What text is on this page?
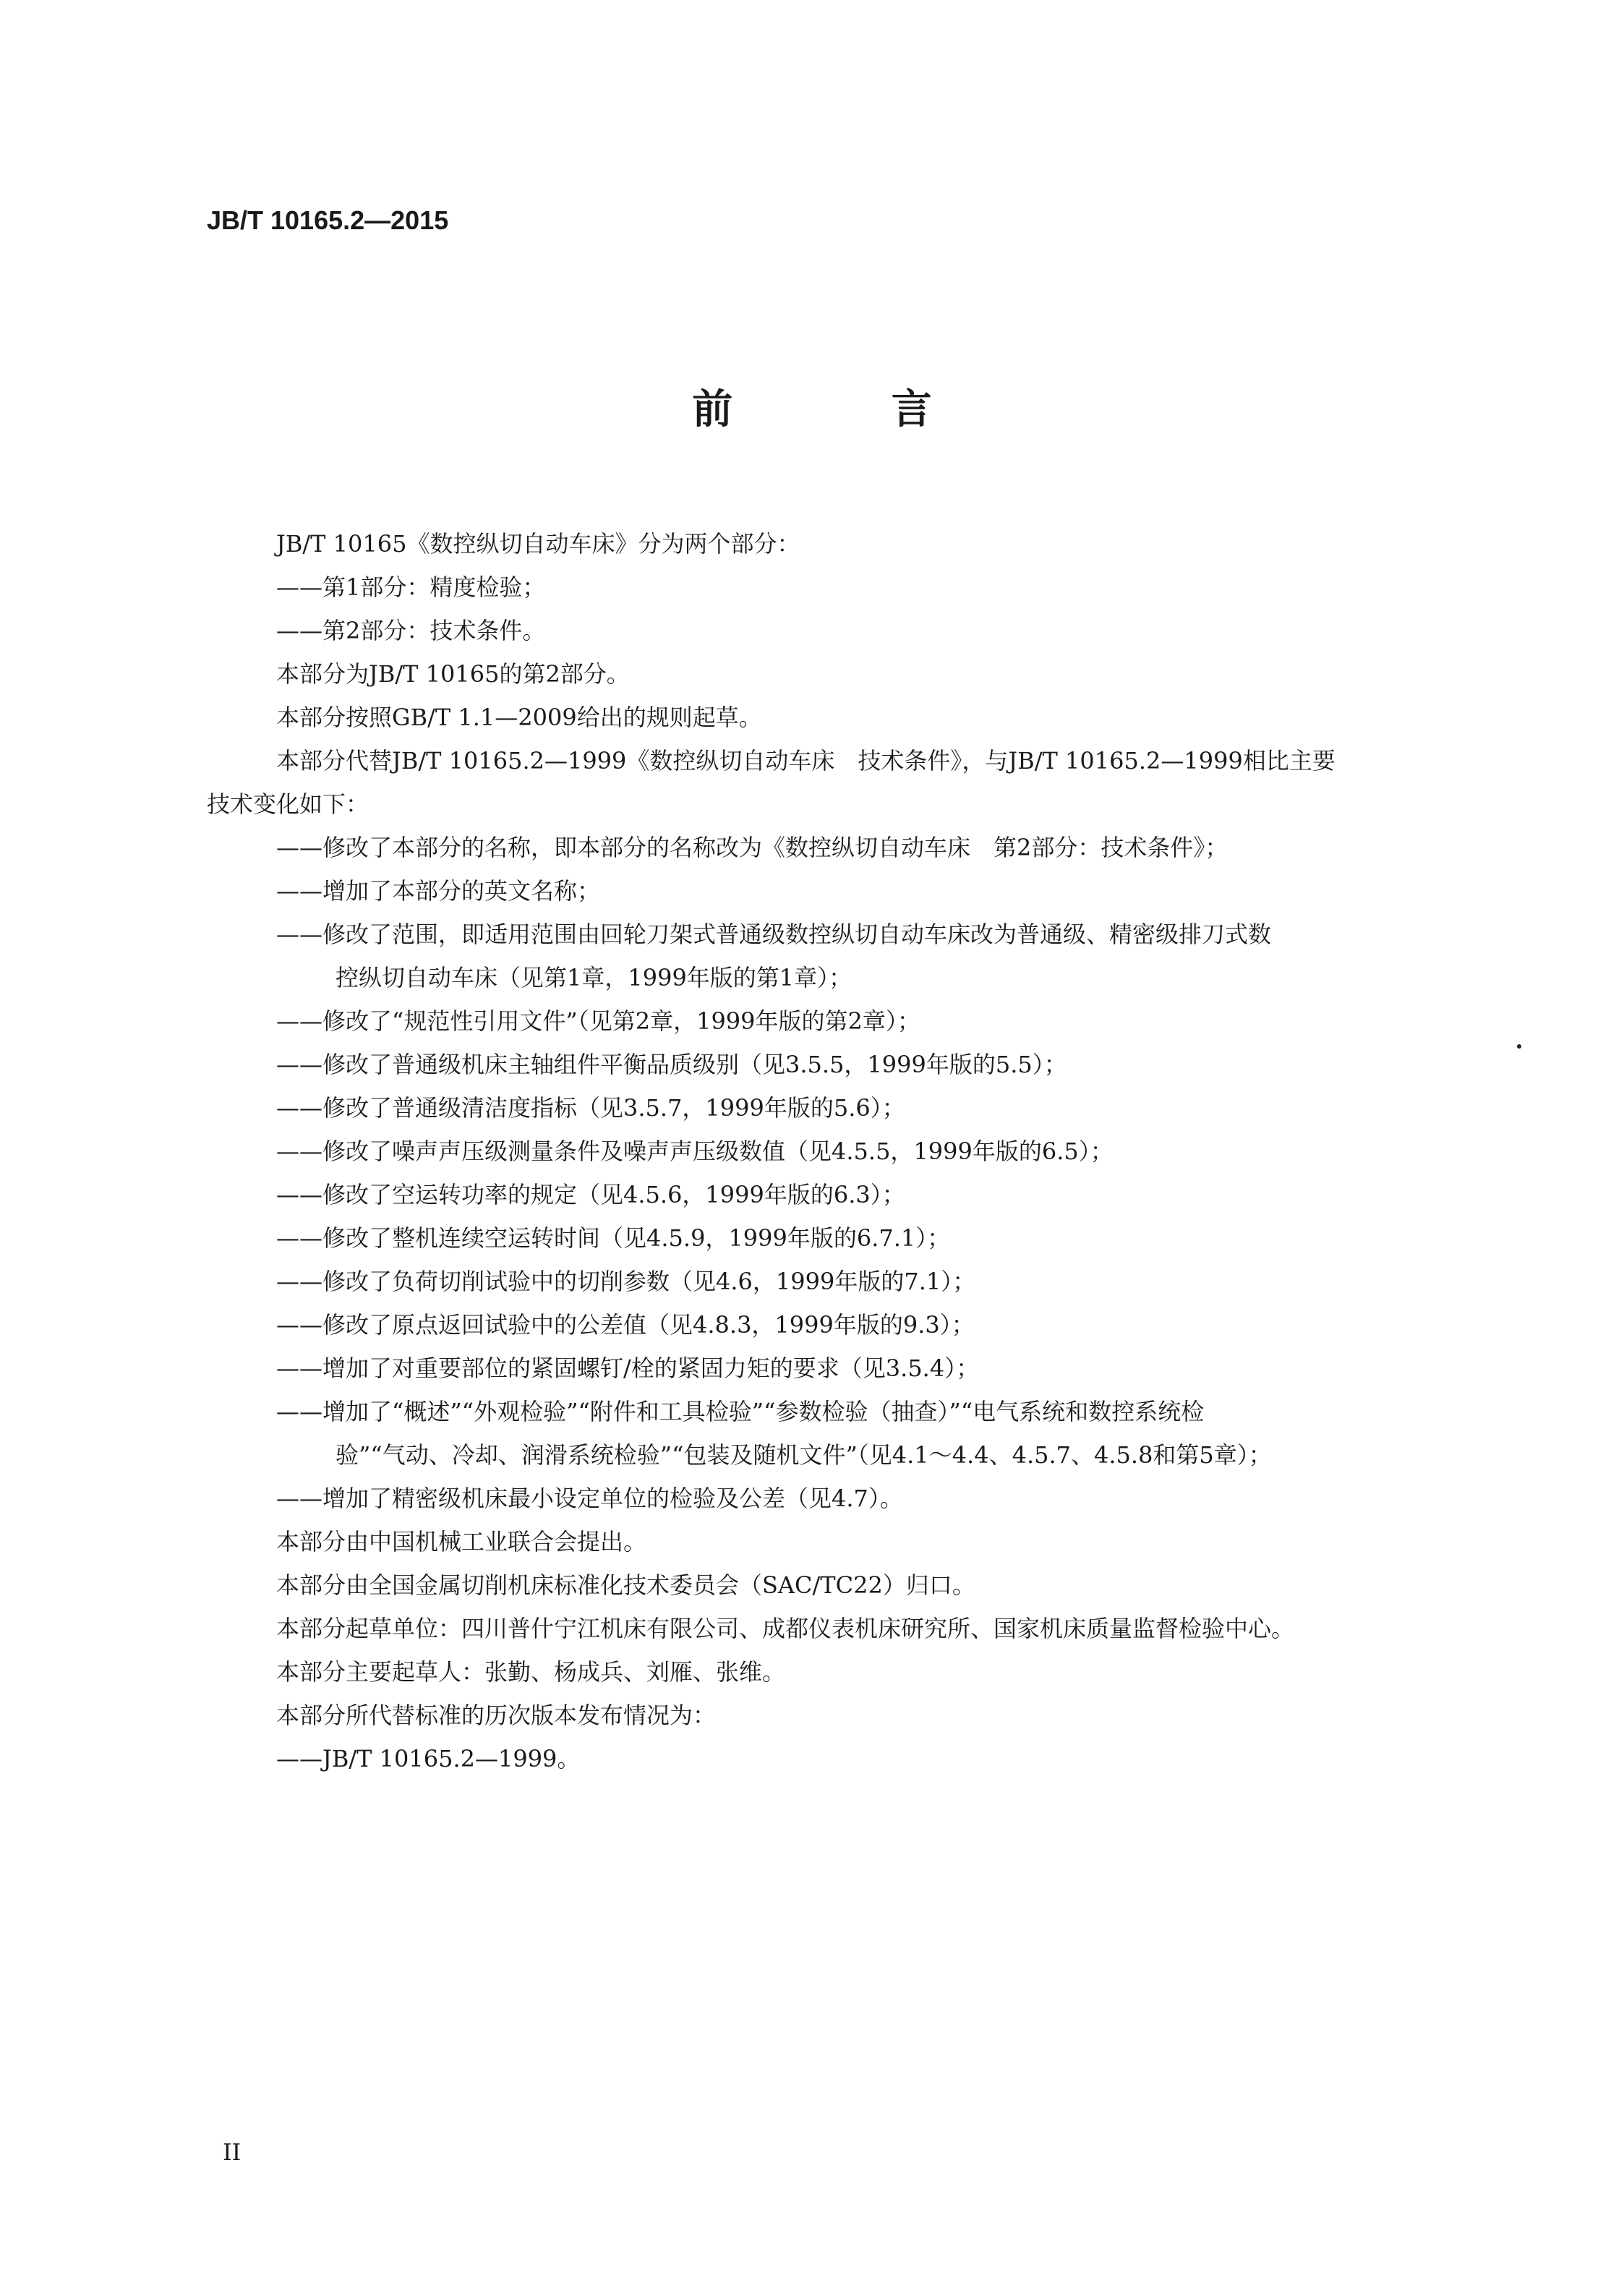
JB/T 10165.2—2015
前 言
JB/T 10165《数控纵切自动车床》分为两个部分：
——第1部分：精度检验；
——第2部分：技术条件。
本部分为JB/T 10165的第2部分。
本部分按照GB/T 1.1—2009给出的规则起草。
本部分代替JB/T 10165.2—1999《数控纵切自动车床　技术条件》，与JB/T 10165.2—1999相比主要
技术变化如下：
——修改了本部分的名称，即本部分的名称改为《数控纵切自动车床　第2部分：技术条件》；
——增加了本部分的英文名称；
——修改了范围，即适用范围由回轮刀架式普通级数控纵切自动车床改为普通级、精密级排刀式数
控纵切自动车床（见第1章，1999年版的第1章）；
——修改了“规范性引用文件”（见第2章，1999年版的第2章）；
——修改了普通级机床主轴组件平衡品质级别（见3.5.5，1999年版的5.5）；
——修改了普通级清洁度指标（见3.5.7，1999年版的5.6）；
——修改了噪声声压级测量条件及噪声声压级数值（见4.5.5，1999年版的6.5）；
——修改了空运转功率的规定（见4.5.6，1999年版的6.3）；
——修改了整机连续空运转时间（见4.5.9，1999年版的6.7.1）；
——修改了负荷切削试验中的切削参数（见4.6，1999年版的7.1）；
——修改了原点返回试验中的公差值（见4.8.3，1999年版的9.3）；
——增加了对重要部位的紧固螺钉/栓的紧固力矩的要求（见3.5.4）；
——增加了“概述”“外观检验”“附件和工具检验”“参数检验（抽查）”“电气系统和数控系统检
验”“气动、冷却、润滑系统检验”“包装及随机文件”（见4.1～4.4、4.5.7、4.5.8和第5章）；
——增加了精密级机床最小设定单位的检验及公差（见4.7）。
本部分由中国机械工业联合会提出。
本部分由全国金属切削机床标准化技术委员会（SAC/TC22）归口。
本部分起草单位：四川普什宁江机床有限公司、成都仪表机床研究所、国家机床质量监督检验中心。
本部分主要起草人：张勤、杨成兵、刘雁、张维。
本部分所代替标准的历次版本发布情况为：
——JB/T 10165.2—1999。
II
